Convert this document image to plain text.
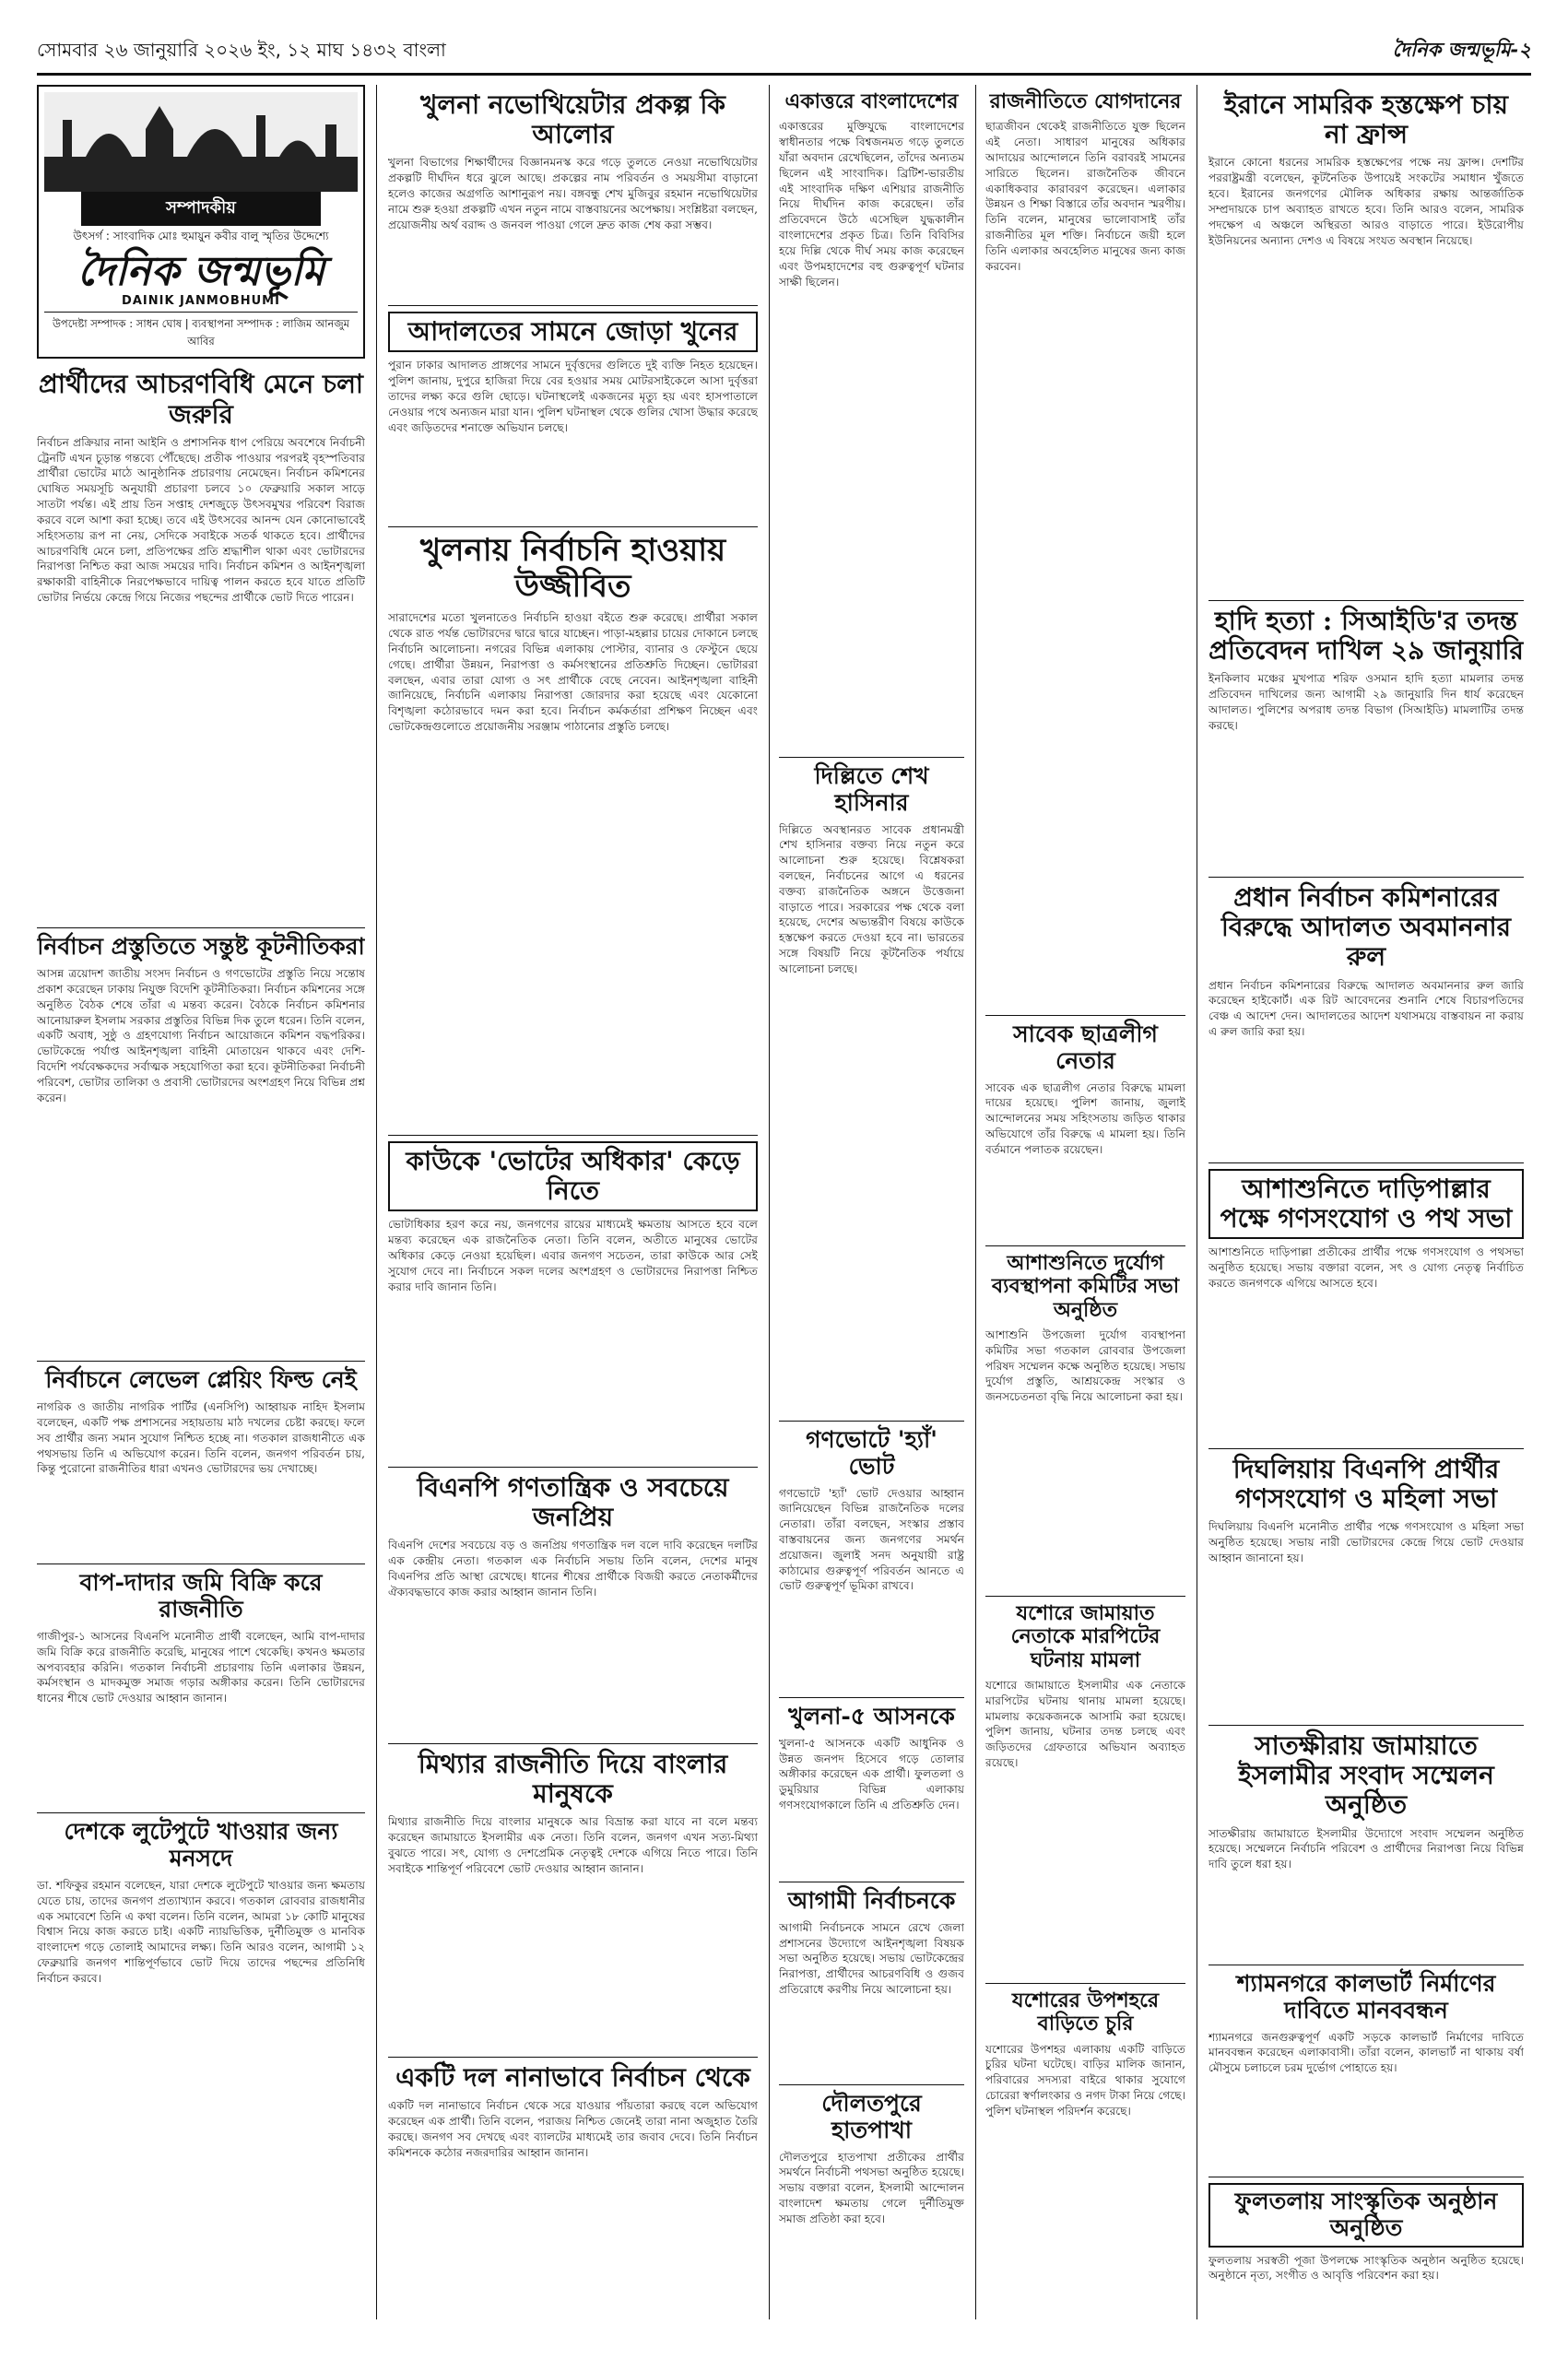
সোমবার ২৬ জানুয়ারি ২০২৬ ইং, ১২ মাঘ ১৪৩২ বাংলা	দৈনিক জন্মভূমি-২
সম্পাদকীয়
উৎসর্গ : সাংবাদিক মোঃ হুমায়ুন কবীর বালু স্মৃতির উদ্দেশ্যে
দৈনিক জন্মভূমি
DAINIK JANMOBHUMI
উপদেষ্টা সম্পাদক : সাধন ঘোষ | ব্যবস্থাপনা সম্পাদক : লাজিম আনজুম আবির
প্রার্থীদের আচরণবিধি মেনে চলা জরুরি
নির্বাচন প্রক্রিয়ার নানা আইনি ও প্রশাসনিক ধাপ পেরিয়ে অবশেষে নির্বাচনী ট্রেনটি এখন চূড়ান্ত গন্তব্যে পৌঁছেছে। প্রতীক পাওয়ার পরপরই বৃহস্পতিবার প্রার্থীরা ভোটের মাঠে আনুষ্ঠানিক প্রচারণায় নেমেছেন। নির্বাচন কমিশনের ঘোষিত সময়সূচি অনুযায়ী প্রচারণা চলবে ১০ ফেব্রুয়ারি সকাল সাড়ে সাতটা পর্যন্ত। এই প্রায় তিন সপ্তাহ দেশজুড়ে উৎসবমুখর পরিবেশ বিরাজ করবে বলে আশা করা হচ্ছে। তবে এই উৎসবের আনন্দ যেন কোনোভাবেই সহিংসতায় রূপ না নেয়, সেদিকে সবাইকে সতর্ক থাকতে হবে। প্রার্থীদের আচরণবিধি মেনে চলা, প্রতিপক্ষের প্রতি শ্রদ্ধাশীল থাকা এবং ভোটারদের নিরাপত্তা নিশ্চিত করা আজ সময়ের দাবি। নির্বাচন কমিশন ও আইনশৃঙ্খলা রক্ষাকারী বাহিনীকে নিরপেক্ষভাবে দায়িত্ব পালন করতে হবে যাতে প্রতিটি ভোটার নির্ভয়ে কেন্দ্রে গিয়ে নিজের পছন্দের প্রার্থীকে ভোট দিতে পারেন।
নির্বাচন প্রস্তুতিতে সন্তুষ্ট কূটনীতিকরা
আসন্ন ত্রয়োদশ জাতীয় সংসদ নির্বাচন ও গণভোটের প্রস্তুতি নিয়ে সন্তোষ প্রকাশ করেছেন ঢাকায় নিযুক্ত বিদেশি কূটনীতিকরা। নির্বাচন কমিশনের সঙ্গে অনুষ্ঠিত বৈঠক শেষে তাঁরা এ মন্তব্য করেন। বৈঠকে নির্বাচন কমিশনার আনোয়ারুল ইসলাম সরকার প্রস্তুতির বিভিন্ন দিক তুলে ধরেন। তিনি বলেন, একটি অবাধ, সুষ্ঠু ও গ্রহণযোগ্য নির্বাচন আয়োজনে কমিশন বদ্ধপরিকর। ভোটকেন্দ্রে পর্যাপ্ত আইনশৃঙ্খলা বাহিনী মোতায়েন থাকবে এবং দেশি-বিদেশি পর্যবেক্ষকদের সর্বাত্মক সহযোগিতা করা হবে। কূটনীতিকরা নির্বাচনী পরিবেশ, ভোটার তালিকা ও প্রবাসী ভোটারদের অংশগ্রহণ নিয়ে বিভিন্ন প্রশ্ন করেন।
নির্বাচনে লেভেল প্লেয়িং ফিল্ড নেই
নাগরিক ও জাতীয় নাগরিক পার্টির (এনসিপি) আহ্বায়ক নাহিদ ইসলাম বলেছেন, একটি পক্ষ প্রশাসনের সহায়তায় মাঠ দখলের চেষ্টা করছে। ফলে সব প্রার্থীর জন্য সমান সুযোগ নিশ্চিত হচ্ছে না। গতকাল রাজধানীতে এক পথসভায় তিনি এ অভিযোগ করেন। তিনি বলেন, জনগণ পরিবর্তন চায়, কিন্তু পুরোনো রাজনীতির ধারা এখনও ভোটারদের ভয় দেখাচ্ছে।
বাপ-দাদার জমি বিক্রি করে রাজনীতি
গাজীপুর-১ আসনের বিএনপি মনোনীত প্রার্থী বলেছেন, আমি বাপ-দাদার জমি বিক্রি করে রাজনীতি করেছি, মানুষের পাশে থেকেছি। কখনও ক্ষমতার অপব্যবহার করিনি। গতকাল নির্বাচনী প্রচারণায় তিনি এলাকার উন্নয়ন, কর্মসংস্থান ও মাদকমুক্ত সমাজ গড়ার অঙ্গীকার করেন। তিনি ভোটারদের ধানের শীষে ভোট দেওয়ার আহ্বান জানান।
দেশকে লুটেপুটে খাওয়ার জন্য মনসদে
ডা. শফিকুর রহমান বলেছেন, যারা দেশকে লুটেপুটে খাওয়ার জন্য ক্ষমতায় যেতে চায়, তাদের জনগণ প্রত্যাখ্যান করবে। গতকাল রোববার রাজধানীর এক সমাবেশে তিনি এ কথা বলেন। তিনি বলেন, আমরা ১৮ কোটি মানুষের বিশ্বাস নিয়ে কাজ করতে চাই। একটি ন্যায়ভিত্তিক, দুর্নীতিমুক্ত ও মানবিক বাংলাদেশ গড়ে তোলাই আমাদের লক্ষ্য। তিনি আরও বলেন, আগামী ১২ ফেব্রুয়ারি জনগণ শান্তিপূর্ণভাবে ভোট দিয়ে তাদের পছন্দের প্রতিনিধি নির্বাচন করবে।
খুলনা নভোথিয়েটার প্রকল্প কি আলোর
খুলনা বিভাগের শিক্ষার্থীদের বিজ্ঞানমনস্ক করে গড়ে তুলতে নেওয়া নভোথিয়েটার প্রকল্পটি দীর্ঘদিন ধরে ঝুলে আছে। প্রকল্পের নাম পরিবর্তন ও সময়সীমা বাড়ানো হলেও কাজের অগ্রগতি আশানুরূপ নয়। বঙ্গবন্ধু শেখ মুজিবুর রহমান নভোথিয়েটার নামে শুরু হওয়া প্রকল্পটি এখন নতুন নামে বাস্তবায়নের অপেক্ষায়। সংশ্লিষ্টরা বলছেন, প্রয়োজনীয় অর্থ বরাদ্দ ও জনবল পাওয়া গেলে দ্রুত কাজ শেষ করা সম্ভব।
আদালতের সামনে জোড়া খুনের
পুরান ঢাকার আদালত প্রাঙ্গণের সামনে দুর্বৃত্তদের গুলিতে দুই ব্যক্তি নিহত হয়েছেন। পুলিশ জানায়, দুপুরে হাজিরা দিয়ে বের হওয়ার সময় মোটরসাইকেলে আসা দুর্বৃত্তরা তাদের লক্ষ্য করে গুলি ছোড়ে। ঘটনাস্থলেই একজনের মৃত্যু হয় এবং হাসপাতালে নেওয়ার পথে অন্যজন মারা যান। পুলিশ ঘটনাস্থল থেকে গুলির খোসা উদ্ধার করেছে এবং জড়িতদের শনাক্তে অভিযান চলছে।
খুলনায় নির্বাচনি হাওয়ায় উজ্জীবিত
সারাদেশের মতো খুলনাতেও নির্বাচনি হাওয়া বইতে শুরু করেছে। প্রার্থীরা সকাল থেকে রাত পর্যন্ত ভোটারদের দ্বারে দ্বারে যাচ্ছেন। পাড়া-মহল্লার চায়ের দোকানে চলছে নির্বাচনি আলোচনা। নগরের বিভিন্ন এলাকায় পোস্টার, ব্যানার ও ফেস্টুনে ছেয়ে গেছে। প্রার্থীরা উন্নয়ন, নিরাপত্তা ও কর্মসংস্থানের প্রতিশ্রুতি দিচ্ছেন। ভোটাররা বলছেন, এবার তারা যোগ্য ও সৎ প্রার্থীকে বেছে নেবেন। আইনশৃঙ্খলা বাহিনী জানিয়েছে, নির্বাচনি এলাকায় নিরাপত্তা জোরদার করা হয়েছে এবং যেকোনো বিশৃঙ্খলা কঠোরভাবে দমন করা হবে। নির্বাচন কর্মকর্তারা প্রশিক্ষণ নিচ্ছেন এবং ভোটকেন্দ্রগুলোতে প্রয়োজনীয় সরঞ্জাম পাঠানোর প্রস্তুতি চলছে।
কাউকে 'ভোটের অধিকার' কেড়ে নিতে
ভোটাধিকার হরণ করে নয়, জনগণের রায়ের মাধ্যমেই ক্ষমতায় আসতে হবে বলে মন্তব্য করেছেন এক রাজনৈতিক নেতা। তিনি বলেন, অতীতে মানুষের ভোটের অধিকার কেড়ে নেওয়া হয়েছিল। এবার জনগণ সচেতন, তারা কাউকে আর সেই সুযোগ দেবে না। নির্বাচনে সকল দলের অংশগ্রহণ ও ভোটারদের নিরাপত্তা নিশ্চিত করার দাবি জানান তিনি।
বিএনপি গণতান্ত্রিক ও সবচেয়ে জনপ্রিয়
বিএনপি দেশের সবচেয়ে বড় ও জনপ্রিয় গণতান্ত্রিক দল বলে দাবি করেছেন দলটির এক কেন্দ্রীয় নেতা। গতকাল এক নির্বাচনি সভায় তিনি বলেন, দেশের মানুষ বিএনপির প্রতি আস্থা রেখেছে। ধানের শীষের প্রার্থীকে বিজয়ী করতে নেতাকর্মীদের ঐক্যবদ্ধভাবে কাজ করার আহ্বান জানান তিনি।
মিথ্যার রাজনীতি দিয়ে বাংলার মানুষকে
মিথ্যার রাজনীতি দিয়ে বাংলার মানুষকে আর বিভ্রান্ত করা যাবে না বলে মন্তব্য করেছেন জামায়াতে ইসলামীর এক নেতা। তিনি বলেন, জনগণ এখন সত্য-মিথ্যা বুঝতে পারে। সৎ, যোগ্য ও দেশপ্রেমিক নেতৃত্বই দেশকে এগিয়ে নিতে পারে। তিনি সবাইকে শান্তিপূর্ণ পরিবেশে ভোট দেওয়ার আহ্বান জানান।
একটি দল নানাভাবে নির্বাচন থেকে
একটি দল নানাভাবে নির্বাচন থেকে সরে যাওয়ার পাঁয়তারা করছে বলে অভিযোগ করেছেন এক প্রার্থী। তিনি বলেন, পরাজয় নিশ্চিত জেনেই তারা নানা অজুহাত তৈরি করছে। জনগণ সব দেখছে এবং ব্যালটের মাধ্যমেই তার জবাব দেবে। তিনি নির্বাচন কমিশনকে কঠোর নজরদারির আহ্বান জানান।
একাত্তরে বাংলাদেশের
একাত্তরের মুক্তিযুদ্ধে বাংলাদেশের স্বাধীনতার পক্ষে বিশ্বজনমত গড়ে তুলতে যাঁরা অবদান রেখেছিলেন, তাঁদের অন্যতম ছিলেন এই সাংবাদিক। ব্রিটিশ-ভারতীয় এই সাংবাদিক দক্ষিণ এশিয়ার রাজনীতি নিয়ে দীর্ঘদিন কাজ করেছেন। তাঁর প্রতিবেদনে উঠে এসেছিল যুদ্ধকালীন বাংলাদেশের প্রকৃত চিত্র। তিনি বিবিসির হয়ে দিল্লি থেকে দীর্ঘ সময় কাজ করেছেন এবং উপমহাদেশের বহু গুরুত্বপূর্ণ ঘটনার সাক্ষী ছিলেন।
দিল্লিতে শেখ হাসিনার
দিল্লিতে অবস্থানরত সাবেক প্রধানমন্ত্রী শেখ হাসিনার বক্তব্য নিয়ে নতুন করে আলোচনা শুরু হয়েছে। বিশ্লেষকরা বলছেন, নির্বাচনের আগে এ ধরনের বক্তব্য রাজনৈতিক অঙ্গনে উত্তেজনা বাড়াতে পারে। সরকারের পক্ষ থেকে বলা হয়েছে, দেশের অভ্যন্তরীণ বিষয়ে কাউকে হস্তক্ষেপ করতে দেওয়া হবে না। ভারতের সঙ্গে বিষয়টি নিয়ে কূটনৈতিক পর্যায়ে আলোচনা চলছে।
গণভোটে 'হ্যাঁ' ভোট
গণভোটে 'হ্যাঁ' ভোট দেওয়ার আহ্বান জানিয়েছেন বিভিন্ন রাজনৈতিক দলের নেতারা। তাঁরা বলছেন, সংস্কার প্রস্তাব বাস্তবায়নের জন্য জনগণের সমর্থন প্রয়োজন। জুলাই সনদ অনুযায়ী রাষ্ট্র কাঠামোর গুরুত্বপূর্ণ পরিবর্তন আনতে এ ভোট গুরুত্বপূর্ণ ভূমিকা রাখবে।
খুলনা-৫ আসনকে
খুলনা-৫ আসনকে একটি আধুনিক ও উন্নত জনপদ হিসেবে গড়ে তোলার অঙ্গীকার করেছেন এক প্রার্থী। ফুলতলা ও ডুমুরিয়ার বিভিন্ন এলাকায় গণসংযোগকালে তিনি এ প্রতিশ্রুতি দেন।
আগামী নির্বাচনকে
আগামী নির্বাচনকে সামনে রেখে জেলা প্রশাসনের উদ্যোগে আইনশৃঙ্খলা বিষয়ক সভা অনুষ্ঠিত হয়েছে। সভায় ভোটকেন্দ্রের নিরাপত্তা, প্রার্থীদের আচরণবিধি ও গুজব প্রতিরোধে করণীয় নিয়ে আলোচনা হয়।
দৌলতপুরে হাতপাখা
দৌলতপুরে হাতপাখা প্রতীকের প্রার্থীর সমর্থনে নির্বাচনী পথসভা অনুষ্ঠিত হয়েছে। সভায় বক্তারা বলেন, ইসলামী আন্দোলন বাংলাদেশ ক্ষমতায় গেলে দুর্নীতিমুক্ত সমাজ প্রতিষ্ঠা করা হবে।
রাজনীতিতে যোগদানের
ছাত্রজীবন থেকেই রাজনীতিতে যুক্ত ছিলেন এই নেতা। সাধারণ মানুষের অধিকার আদায়ের আন্দোলনে তিনি বরাবরই সামনের সারিতে ছিলেন। রাজনৈতিক জীবনে একাধিকবার কারাবরণ করেছেন। এলাকার উন্নয়ন ও শিক্ষা বিস্তারে তাঁর অবদান স্মরণীয়। তিনি বলেন, মানুষের ভালোবাসাই তাঁর রাজনীতির মূল শক্তি। নির্বাচনে জয়ী হলে তিনি এলাকার অবহেলিত মানুষের জন্য কাজ করবেন।
সাবেক ছাত্রলীগ নেতার
সাবেক এক ছাত্রলীগ নেতার বিরুদ্ধে মামলা দায়ের হয়েছে। পুলিশ জানায়, জুলাই আন্দোলনের সময় সহিংসতায় জড়িত থাকার অভিযোগে তাঁর বিরুদ্ধে এ মামলা হয়। তিনি বর্তমানে পলাতক রয়েছেন।
আশাশুনিতে দুর্যোগ ব্যবস্থাপনা কমিটির সভা অনুষ্ঠিত
আশাশুনি উপজেলা দুর্যোগ ব্যবস্থাপনা কমিটির সভা গতকাল রোববার উপজেলা পরিষদ সম্মেলন কক্ষে অনুষ্ঠিত হয়েছে। সভায় দুর্যোগ প্রস্তুতি, আশ্রয়কেন্দ্র সংস্কার ও জনসচেতনতা বৃদ্ধি নিয়ে আলোচনা করা হয়।
যশোরে জামায়াত নেতাকে মারপিটের ঘটনায় মামলা
যশোরে জামায়াতে ইসলামীর এক নেতাকে মারপিটের ঘটনায় থানায় মামলা হয়েছে। মামলায় কয়েকজনকে আসামি করা হয়েছে। পুলিশ জানায়, ঘটনার তদন্ত চলছে এবং জড়িতদের গ্রেফতারে অভিযান অব্যাহত রয়েছে।
যশোরের উপশহরে বাড়িতে চুরি
যশোরের উপশহর এলাকায় একটি বাড়িতে চুরির ঘটনা ঘটেছে। বাড়ির মালিক জানান, পরিবারের সদস্যরা বাইরে থাকার সুযোগে চোরেরা স্বর্ণালংকার ও নগদ টাকা নিয়ে গেছে। পুলিশ ঘটনাস্থল পরিদর্শন করেছে।
ইরানে সামরিক হস্তক্ষেপ চায় না ফ্রান্স
ইরানে কোনো ধরনের সামরিক হস্তক্ষেপের পক্ষে নয় ফ্রান্স। দেশটির পররাষ্ট্রমন্ত্রী বলেছেন, কূটনৈতিক উপায়েই সংকটের সমাধান খুঁজতে হবে। ইরানের জনগণের মৌলিক অধিকার রক্ষায় আন্তর্জাতিক সম্প্রদায়কে চাপ অব্যাহত রাখতে হবে। তিনি আরও বলেন, সামরিক পদক্ষেপ এ অঞ্চলে অস্থিরতা আরও বাড়াতে পারে। ইউরোপীয় ইউনিয়নের অন্যান্য দেশও এ বিষয়ে সংযত অবস্থান নিয়েছে।
হাদি হত্যা : সিআইডি'র তদন্ত প্রতিবেদন দাখিল ২৯ জানুয়ারি
ইনকিলাব মঞ্চের মুখপাত্র শরিফ ওসমান হাদি হত্যা মামলার তদন্ত প্রতিবেদন দাখিলের জন্য আগামী ২৯ জানুয়ারি দিন ধার্য করেছেন আদালত। পুলিশের অপরাধ তদন্ত বিভাগ (সিআইডি) মামলাটির তদন্ত করছে।
প্রধান নির্বাচন কমিশনারের বিরুদ্ধে আদালত অবমাননার রুল
প্রধান নির্বাচন কমিশনারের বিরুদ্ধে আদালত অবমাননার রুল জারি করেছেন হাইকোর্ট। এক রিট আবেদনের শুনানি শেষে বিচারপতিদের বেঞ্চ এ আদেশ দেন। আদালতের আদেশ যথাসময়ে বাস্তবায়ন না করায় এ রুল জারি করা হয়।
আশাশুনিতে দাড়িপাল্লার পক্ষে গণসংযোগ ও পথ সভা
আশাশুনিতে দাড়িপাল্লা প্রতীকের প্রার্থীর পক্ষে গণসংযোগ ও পথসভা অনুষ্ঠিত হয়েছে। সভায় বক্তারা বলেন, সৎ ও যোগ্য নেতৃত্ব নির্বাচিত করতে জনগণকে এগিয়ে আসতে হবে।
দিঘলিয়ায় বিএনপি প্রার্থীর গণসংযোগ ও মহিলা সভা
দিঘলিয়ায় বিএনপি মনোনীত প্রার্থীর পক্ষে গণসংযোগ ও মহিলা সভা অনুষ্ঠিত হয়েছে। সভায় নারী ভোটারদের কেন্দ্রে গিয়ে ভোট দেওয়ার আহ্বান জানানো হয়।
সাতক্ষীরায় জামায়াতে ইসলামীর সংবাদ সম্মেলন অনুষ্ঠিত
সাতক্ষীরায় জামায়াতে ইসলামীর উদ্যোগে সংবাদ সম্মেলন অনুষ্ঠিত হয়েছে। সম্মেলনে নির্বাচনি পরিবেশ ও প্রার্থীদের নিরাপত্তা নিয়ে বিভিন্ন দাবি তুলে ধরা হয়।
শ্যামনগরে কালভার্ট নির্মাণের দাবিতে মানববন্ধন
শ্যামনগরে জনগুরুত্বপূর্ণ একটি সড়কে কালভার্ট নির্মাণের দাবিতে মানববন্ধন করেছেন এলাকাবাসী। তাঁরা বলেন, কালভার্ট না থাকায় বর্ষা মৌসুমে চলাচলে চরম দুর্ভোগ পোহাতে হয়।
ফুলতলায় সাংস্কৃতিক অনুষ্ঠান অনুষ্ঠিত
ফুলতলায় সরস্বতী পূজা উপলক্ষে সাংস্কৃতিক অনুষ্ঠান অনুষ্ঠিত হয়েছে। অনুষ্ঠানে নৃত্য, সংগীত ও আবৃত্তি পরিবেশন করা হয়।
